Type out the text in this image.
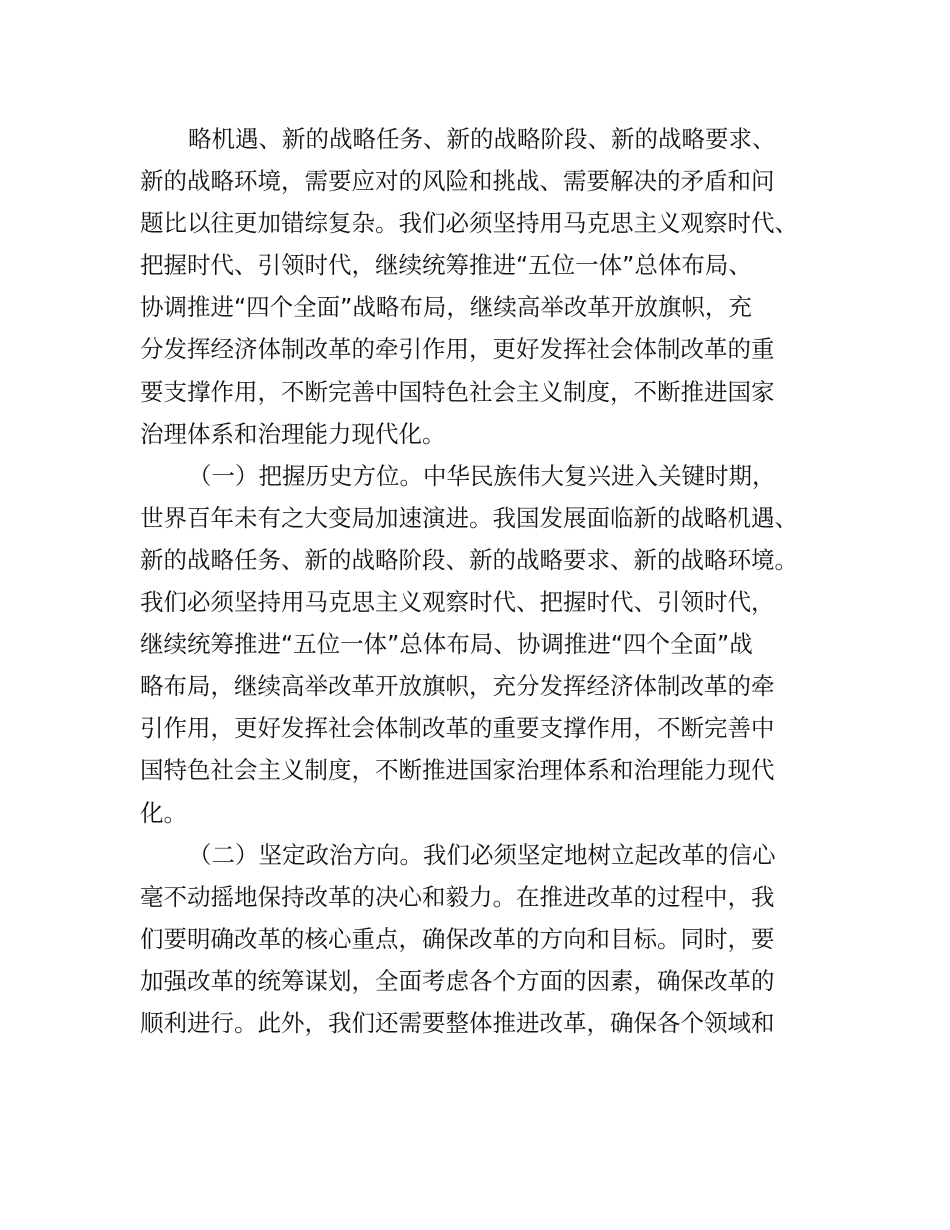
略机遇、新的战略任务、新的战略阶段、新的战略要求、
新的战略环境，需要应对的风险和挑战、需要解决的矛盾和问
题比以往更加错综复杂。我们必须坚持用马克思主义观察时代、
把握时代、引领时代，继续统筹推进“五位一体”总体布局、
协调推进“四个全面”战略布局，继续高举改革开放旗帜，充
分发挥经济体制改革的牵引作用，更好发挥社会体制改革的重
要支撑作用，不断完善中国特色社会主义制度，不断推进国家
治理体系和治理能力现代化。
（一）把握历史方位。中华民族伟大复兴进入关键时期，
世界百年未有之大变局加速演进。我国发展面临新的战略机遇、
新的战略任务、新的战略阶段、新的战略要求、新的战略环境。
我们必须坚持用马克思主义观察时代、把握时代、引领时代，
继续统筹推进“五位一体”总体布局、协调推进“四个全面”战
略布局，继续高举改革开放旗帜，充分发挥经济体制改革的牵
引作用，更好发挥社会体制改革的重要支撑作用，不断完善中
国特色社会主义制度，不断推进国家治理体系和治理能力现代
化。
（二）坚定政治方向。我们必须坚定地树立起改革的信心
毫不动摇地保持改革的决心和毅力。在推进改革的过程中，我
们要明确改革的核心重点，确保改革的方向和目标。同时，要
加强改革的统筹谋划，全面考虑各个方面的因素，确保改革的
顺利进行。此外，我们还需要整体推进改革，确保各个领域和
